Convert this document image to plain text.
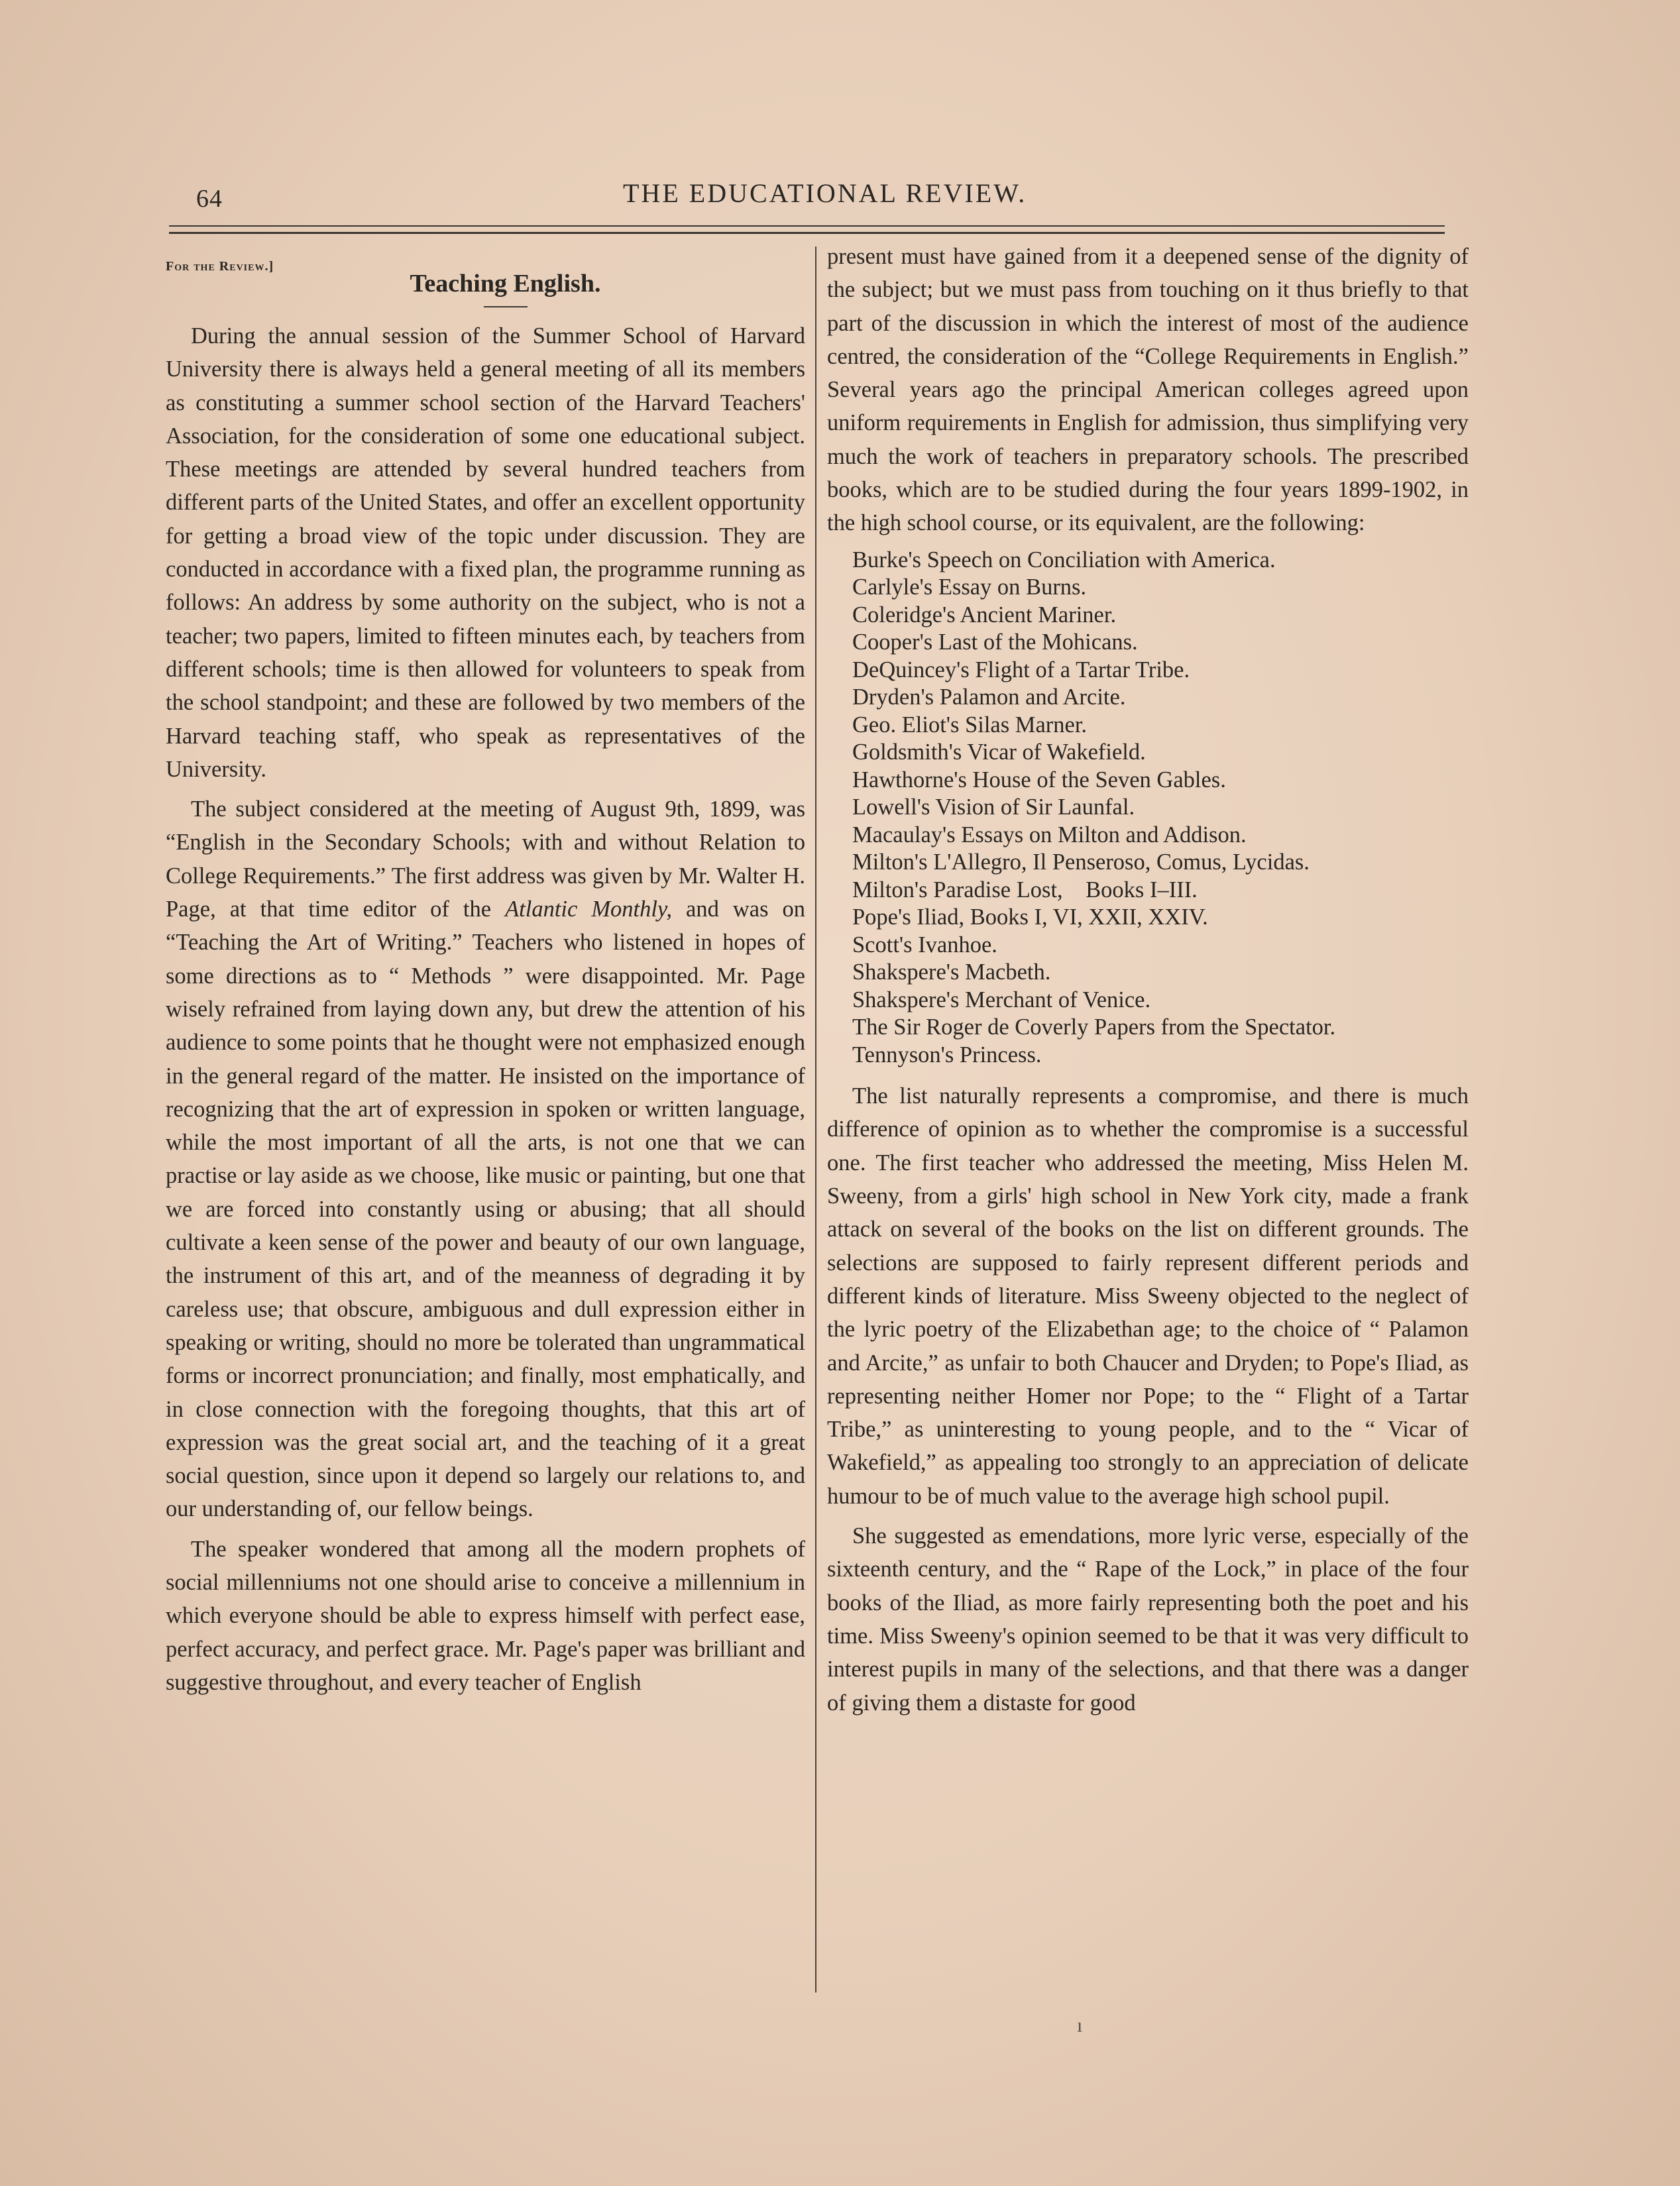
64	THE EDUCATIONAL REVIEW.
For the Review.]
Teaching English.

During the annual session of the Summer School of Harvard University there is always held a general meeting of all its members as constituting a summer school section of the Harvard Teachers' Association, for the consideration of some one educational subject. These meetings are attended by several hundred teachers from different parts of the United States, and offer an excellent opportunity for getting a broad view of the topic under discussion. They are conducted in accordance with a fixed plan, the programme running as follows: An address by some authority on the subject, who is not a teacher; two papers, limited to fifteen minutes each, by teachers from different schools; time is then allowed for volunteers to speak from the school standpoint; and these are followed by two members of the Harvard teaching staff, who speak as representatives of the University.

The subject considered at the meeting of August 9th, 1899, was “English in the Secondary Schools; with and without Relation to College Requirements.” The first address was given by Mr. Walter H. Page, at that time editor of the Atlantic Monthly, and was on “Teaching the Art of Writing.” Teachers who listened in hopes of some directions as to “ Methods ” were disappointed. Mr. Page wisely refrained from laying down any, but drew the attention of his audience to some points that he thought were not emphasized enough in the general regard of the matter. He insisted on the importance of recognizing that the art of expression in spoken or written language, while the most important of all the arts, is not one that we can practise or lay aside as we choose, like music or painting, but one that we are forced into constantly using or abusing; that all should cultivate a keen sense of the power and beauty of our own language, the instrument of this art, and of the meanness of degrading it by careless use; that obscure, ambiguous and dull expression either in speaking or writing, should no more be tolerated than ungrammatical forms or incorrect pronunciation; and finally, most emphatically, and in close connection with the foregoing thoughts, that this art of expression was the great social art, and the teaching of it a great social question, since upon it depend so largely our relations to, and our understanding of, our fellow beings.

The speaker wondered that among all the modern prophets of social millenniums not one should arise to conceive a millennium in which everyone should be able to express himself with perfect ease, perfect accuracy, and perfect grace. Mr. Page's paper was brilliant and suggestive throughout, and every teacher of English

present must have gained from it a deepened sense of the dignity of the subject; but we must pass from touching on it thus briefly to that part of the discussion in which the interest of most of the audience centred, the consideration of the “College Requirements in English.” Several years ago the principal American colleges agreed upon uniform requirements in English for admission, thus simplifying very much the work of teachers in preparatory schools. The prescribed books, which are to be studied during the four years 1899-1902, in the high school course, or its equivalent, are the following:

Burke's Speech on Conciliation with America.
Carlyle's Essay on Burns.
Coleridge's Ancient Mariner.
Cooper's Last of the Mohicans.
DeQuincey's Flight of a Tartar Tribe.
Dryden's Palamon and Arcite.
Geo. Eliot's Silas Marner.
Goldsmith's Vicar of Wakefield.
Hawthorne's House of the Seven Gables.
Lowell's Vision of Sir Launfal.
Macaulay's Essays on Milton and Addison.
Milton's L'Allegro, Il Penseroso, Comus, Lycidas.
Milton's Paradise Lost,    Books I–III.
Pope's Iliad, Books I, VI, XXII, XXIV.
Scott's Ivanhoe.
Shakspere's Macbeth.
Shakspere's Merchant of Venice.
The Sir Roger de Coverly Papers from the Spectator.
Tennyson's Princess.

The list naturally represents a compromise, and there is much difference of opinion as to whether the compromise is a successful one. The first teacher who addressed the meeting, Miss Helen M. Sweeny, from a girls' high school in New York city, made a frank attack on several of the books on the list on different grounds. The selections are supposed to fairly represent different periods and different kinds of literature. Miss Sweeny objected to the neglect of the lyric poetry of the Elizabethan age; to the choice of “ Palamon and Arcite,” as unfair to both Chaucer and Dryden; to Pope's Iliad, as representing neither Homer nor Pope; to the “ Flight of a Tartar Tribe,” as uninteresting to young people, and to the “ Vicar of Wakefield,” as appealing too strongly to an appreciation of delicate humour to be of much value to the average high school pupil.

She suggested as emendations, more lyric verse, especially of the sixteenth century, and the “ Rape of the Lock,” in place of the four books of the Iliad, as more fairly representing both the poet and his time. Miss Sweeny's opinion seemed to be that it was very difficult to interest pupils in many of the selections, and that there was a danger of giving them a distaste for good

ı
